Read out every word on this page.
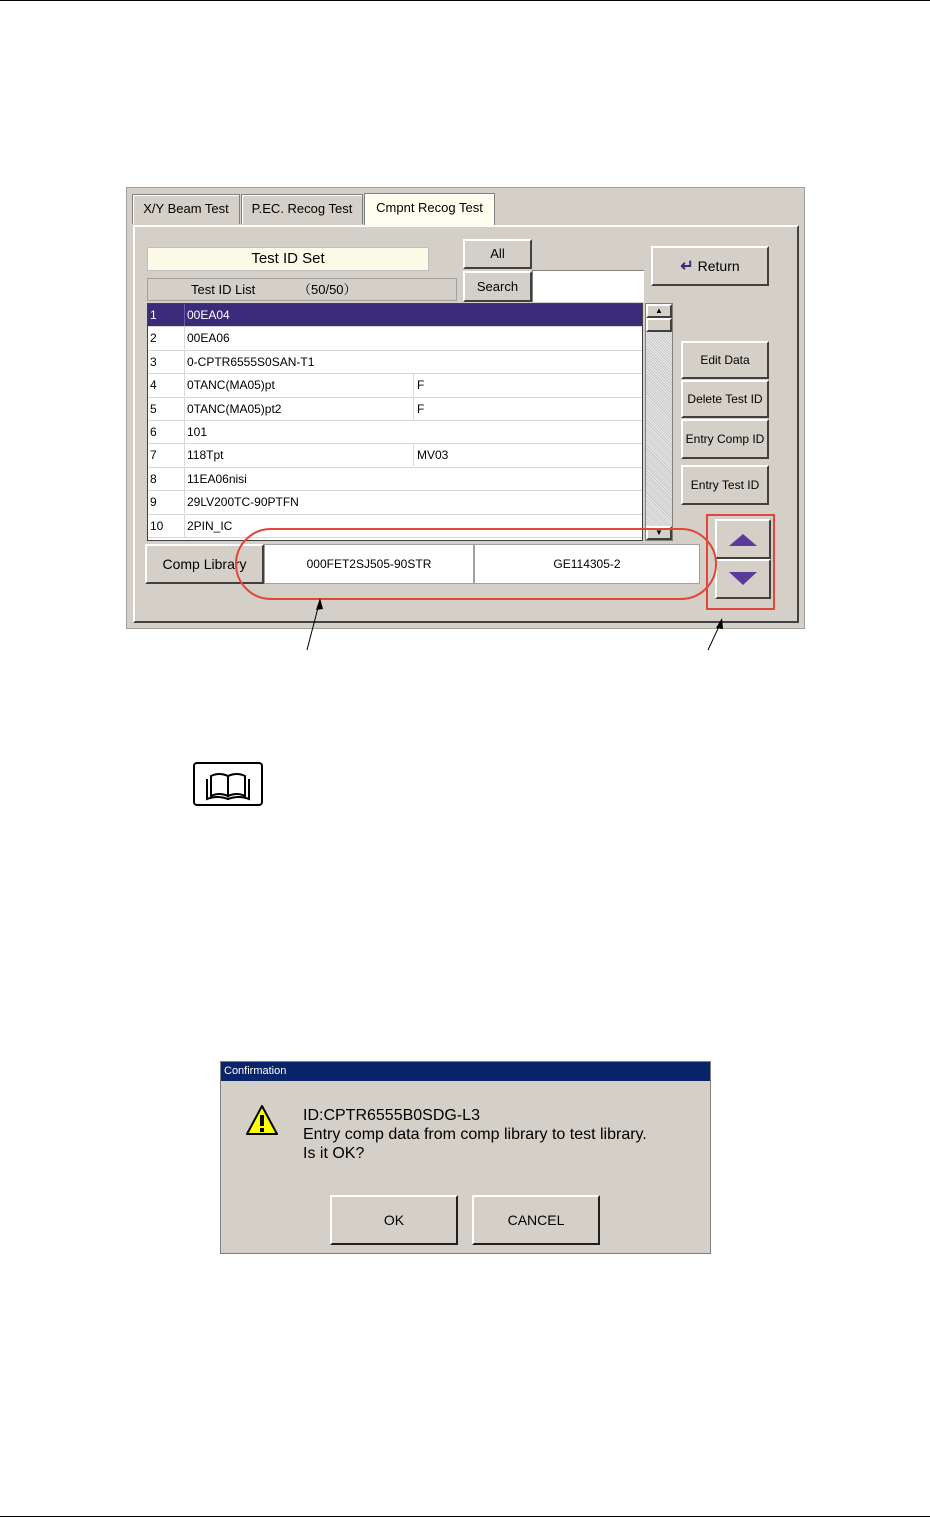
X/Y Beam Test	P.EC. Recog Test	Cmpnt Recog Test
Test ID Set	All
Search
Test ID List	（50/50）
↵ Return
1	00EA04
2	00EA06
3	0-CPTR6555S0SAN-T1
4	0TANC(MA05)pt	F
5	0TANC(MA05)pt2	F
6	101
7	118Tpt	MV03
8	11EA06nisi
9	29LV200TC-90PTFN
10	2PIN_IC
▲
▼
Edit Data
Delete Test ID
Entry Comp ID
Entry Test ID
Comp Library	000FET2SJ505-90STR	GE114305-2
Confirmation
ID:CPTR6555B0SDG-L3
Entry comp data from comp library to test library.
Is it OK?
OK	CANCEL
